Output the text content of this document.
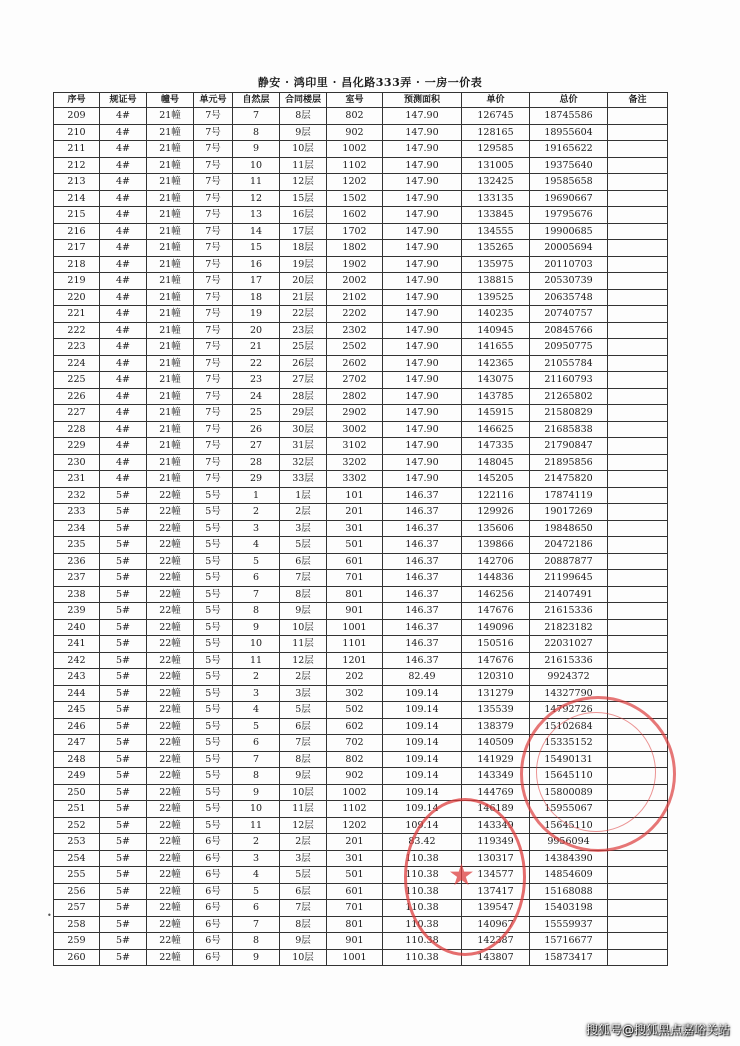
静安 · 鸿印里 · 昌化路333弄 · 一房一价表
序号	规证号	幢号	单元号	自然层	合同楼层	室号	预测面积	单价	总价	备注
209	4#	21幢	7号	7	8层	802	147.90	126745	18745586	
210	4#	21幢	7号	8	9层	902	147.90	128165	18955604	
211	4#	21幢	7号	9	10层	1002	147.90	129585	19165622	
212	4#	21幢	7号	10	11层	1102	147.90	131005	19375640	
213	4#	21幢	7号	11	12层	1202	147.90	132425	19585658	
214	4#	21幢	7号	12	15层	1502	147.90	133135	19690667	
215	4#	21幢	7号	13	16层	1602	147.90	133845	19795676	
216	4#	21幢	7号	14	17层	1702	147.90	134555	19900685	
217	4#	21幢	7号	15	18层	1802	147.90	135265	20005694	
218	4#	21幢	7号	16	19层	1902	147.90	135975	20110703	
219	4#	21幢	7号	17	20层	2002	147.90	138815	20530739	
220	4#	21幢	7号	18	21层	2102	147.90	139525	20635748	
221	4#	21幢	7号	19	22层	2202	147.90	140235	20740757	
222	4#	21幢	7号	20	23层	2302	147.90	140945	20845766	
223	4#	21幢	7号	21	25层	2502	147.90	141655	20950775	
224	4#	21幢	7号	22	26层	2602	147.90	142365	21055784	
225	4#	21幢	7号	23	27层	2702	147.90	143075	21160793	
226	4#	21幢	7号	24	28层	2802	147.90	143785	21265802	
227	4#	21幢	7号	25	29层	2902	147.90	145915	21580829	
228	4#	21幢	7号	26	30层	3002	147.90	146625	21685838	
229	4#	21幢	7号	27	31层	3102	147.90	147335	21790847	
230	4#	21幢	7号	28	32层	3202	147.90	148045	21895856	
231	4#	21幢	7号	29	33层	3302	147.90	145205	21475820	
232	5#	22幢	5号	1	1层	101	146.37	122116	17874119	
233	5#	22幢	5号	2	2层	201	146.37	129926	19017269	
234	5#	22幢	5号	3	3层	301	146.37	135606	19848650	
235	5#	22幢	5号	4	5层	501	146.37	139866	20472186	
236	5#	22幢	5号	5	6层	601	146.37	142706	20887877	
237	5#	22幢	5号	6	7层	701	146.37	144836	21199645	
238	5#	22幢	5号	7	8层	801	146.37	146256	21407491	
239	5#	22幢	5号	8	9层	901	146.37	147676	21615336	
240	5#	22幢	5号	9	10层	1001	146.37	149096	21823182	
241	5#	22幢	5号	10	11层	1101	146.37	150516	22031027	
242	5#	22幢	5号	11	12层	1201	146.37	147676	21615336	
243	5#	22幢	5号	2	2层	202	82.49	120310	9924372	
244	5#	22幢	5号	3	3层	302	109.14	131279	14327790	
245	5#	22幢	5号	4	5层	502	109.14	135539	14792726	
246	5#	22幢	5号	5	6层	602	109.14	138379	15102684	
247	5#	22幢	5号	6	7层	702	109.14	140509	15335152	
248	5#	22幢	5号	7	8层	802	109.14	141929	15490131	
249	5#	22幢	5号	8	9层	902	109.14	143349	15645110	
250	5#	22幢	5号	9	10层	1002	109.14	144769	15800089	
251	5#	22幢	5号	10	11层	1102	109.14	146189	15955067	
252	5#	22幢	5号	11	12层	1202	109.14	143349	15645110	
253	5#	22幢	6号	2	2层	201	83.42	119349	9956094	
254	5#	22幢	6号	3	3层	301	110.38	130317	14384390	
255	5#	22幢	6号	4	5层	501	110.38	134577	14854609	
256	5#	22幢	6号	5	6层	601	110.38	137417	15168088	
257	5#	22幢	6号	6	7层	701	110.38	139547	15403198	
258	5#	22幢	6号	7	8层	801	110.38	140967	15559937	
259	5#	22幢	6号	8	9层	901	110.38	142387	15716677	
260	5#	22幢	6号	9	10层	1001	110.38	143807	15873417	
★
•
搜狐号@搜狐黑点嘉峪关站
